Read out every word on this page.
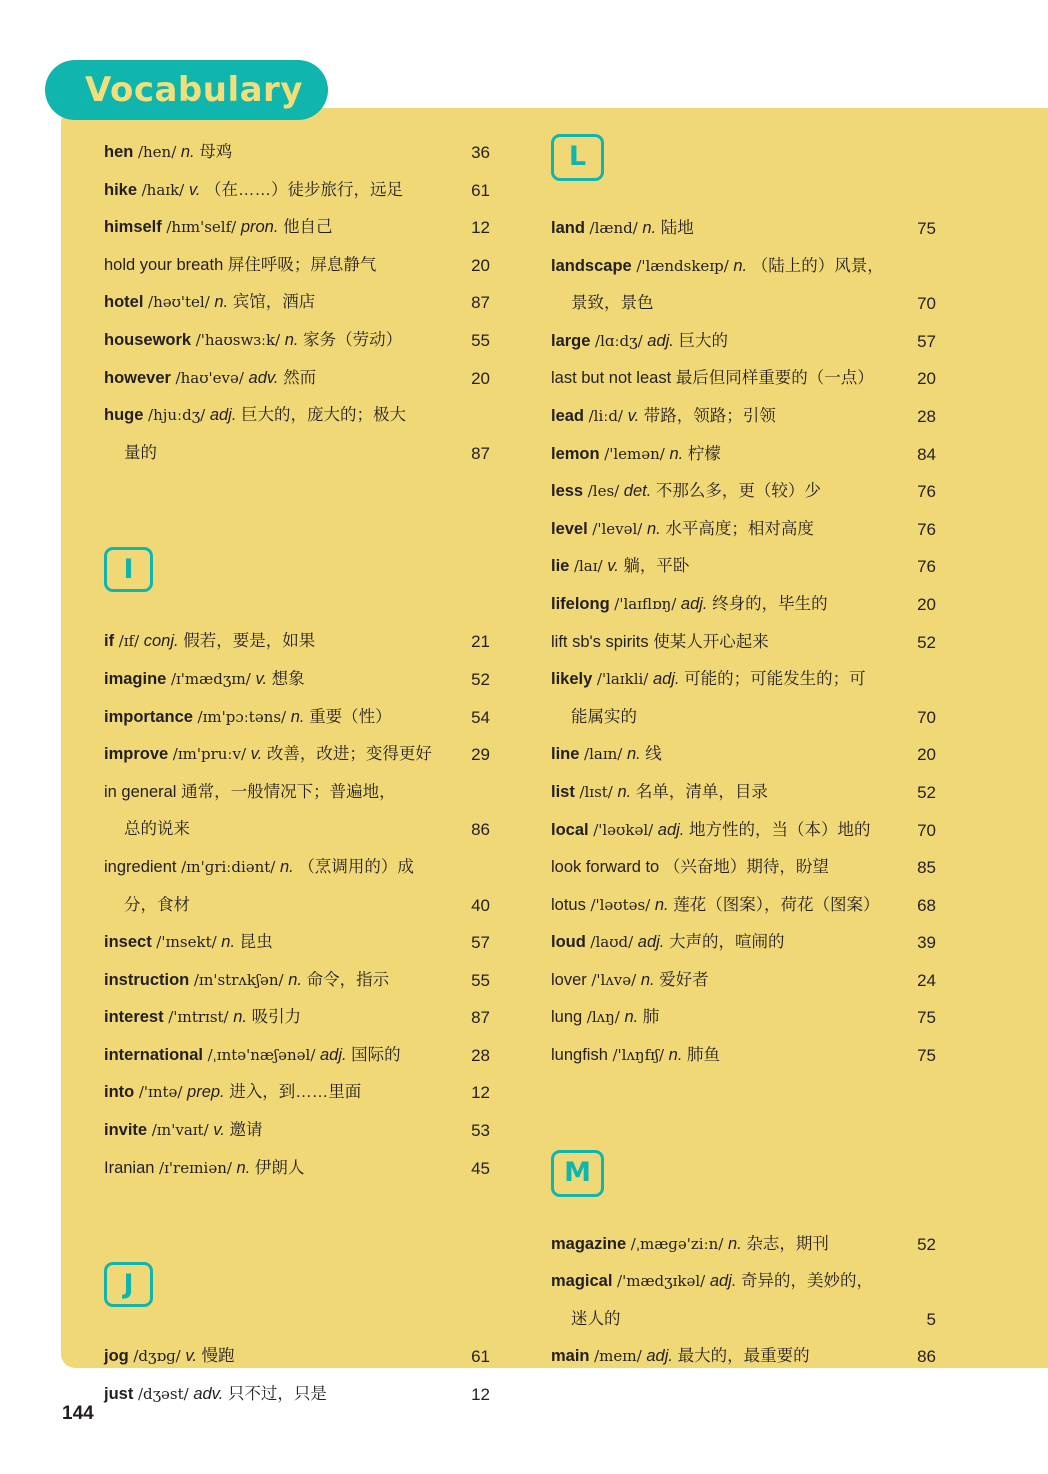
Vocabulary
hen /hen/ n. 母鸡	36
hike /haɪk/ v. （在……）徒步旅行，远足	61
himself /hɪm'self/ pron. 他自己	12
hold your breath 屏住呼吸；屏息静气	20
hotel /həʊ'tel/ n. 宾馆，酒店	87
housework /'haʊswɜːk/ n. 家务（劳动）	55
however /haʊ'evə/ adv. 然而	20
huge /hjuːdʒ/ adj. 巨大的，庞大的；极大
量的	87
I
if /ɪf/ conj. 假若，要是，如果	21
imagine /ɪ'mædʒɪn/ v. 想象	52
importance /ɪm'pɔːtəns/ n. 重要（性）	54
improve /ɪm'pruːv/ v. 改善，改进；变得更好 29
in general 通常，一般情况下；普遍地，
总的说来	86
ingredient /ɪn'ɡriːdiənt/ n. （烹调用的）成
分，食材	40
insect /'ɪnsekt/ n. 昆虫	57
instruction /ɪn'strʌkʃən/ n. 命令，指示	55
interest /'ɪntrɪst/ n. 吸引力	87
international /ˌɪntə'næʃənəl/ adj. 国际的	28
into /'ɪntə/ prep. 进入，到……里面	12
invite /ɪn'vaɪt/ v. 邀请	53
Iranian /ɪ'reɪniən/ n. 伊朗人	45
J
jog /dʒɒɡ/ v. 慢跑	61
just /dʒəst/ adv. 只不过，只是	12
L
land /lænd/ n. 陆地	75
landscape /'lændskeɪp/ n. （陆上的）风景，
景致，景色	70
large /lɑːdʒ/ adj. 巨大的	57
last but not least 最后但同样重要的（一点）	20
lead /liːd/ v. 带路，领路；引领	28
lemon /'lemən/ n. 柠檬	84
less /les/ det. 不那么多，更（较）少	76
level /'levəl/ n. 水平高度；相对高度	76
lie /laɪ/ v. 躺，平卧	76
lifelong /'laɪflɒŋ/ adj. 终身的，毕生的	20
lift sb's spirits 使某人开心起来	52
likely /'laɪkli/ adj. 可能的；可能发生的；可
能属实的	70
line /laɪn/ n. 线	20
list /lɪst/ n. 名单，清单，目录	52
local /'ləʊkəl/ adj. 地方性的，当（本）地的	70
look forward to （兴奋地）期待，盼望	85
lotus /'ləʊtəs/ n. 莲花（图案），荷花（图案） 68
loud /laʊd/ adj. 大声的，喧闹的	39
lover /'lʌvə/ n. 爱好者	24
lung /lʌŋ/ n. 肺	75
lungfish /'lʌŋfɪʃ/ n. 肺鱼	75
M
magazine /ˌmæɡə'ziːn/ n. 杂志，期刊	52
magical /'mædʒɪkəl/ adj. 奇异的，美妙的，
迷人的	5
main /meɪn/ adj. 最大的，最重要的	86
144
